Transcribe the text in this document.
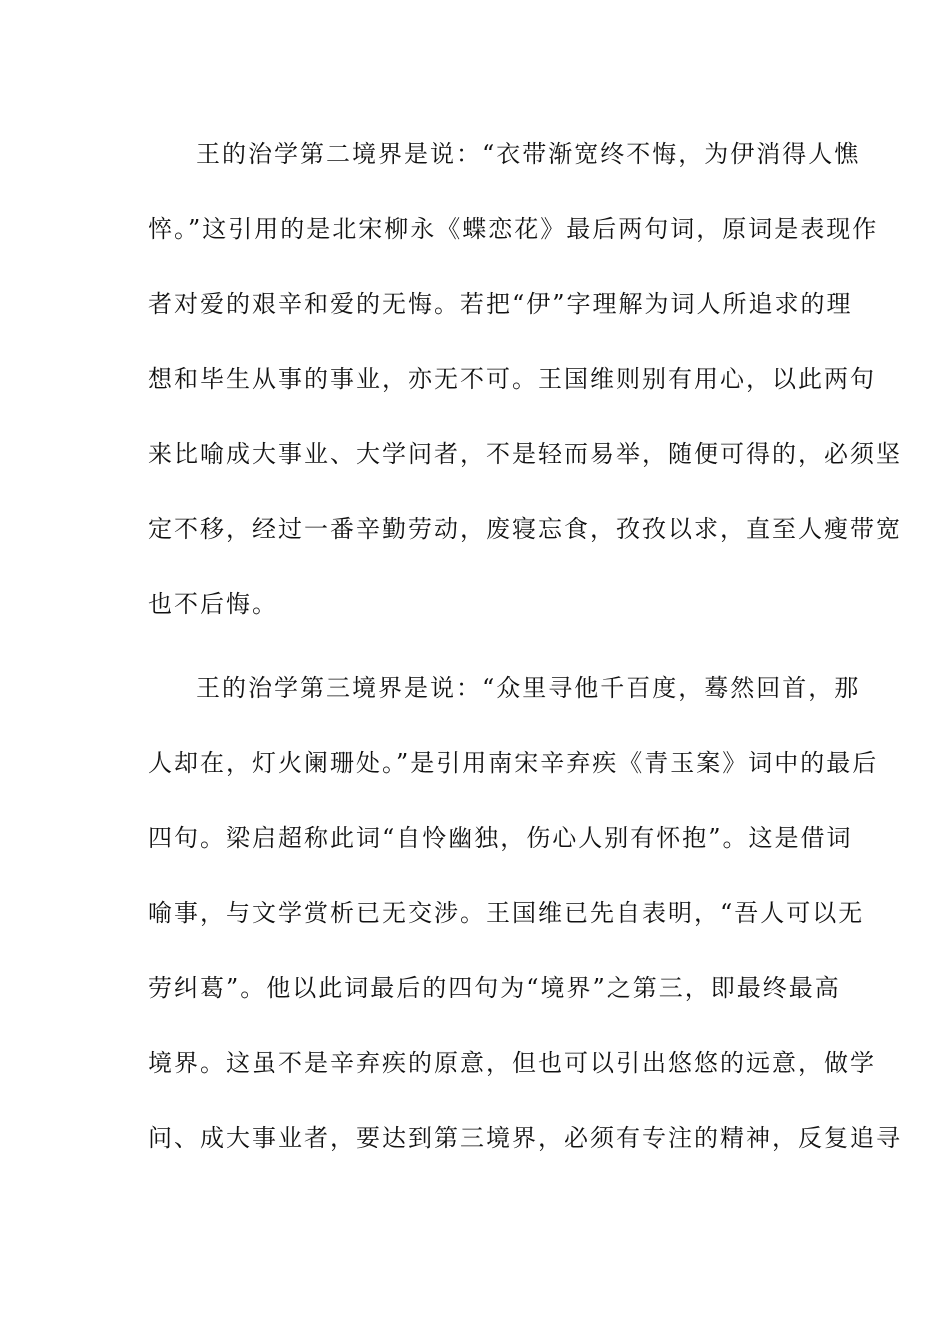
王的治学第二境界是说：“衣带渐宽终不悔，为伊消得人憔
悴。”这引用的是北宋柳永《蝶恋花》最后两句词，原词是表现作
者对爱的艰辛和爱的无悔。若把“伊”字理解为词人所追求的理
想和毕生从事的事业，亦无不可。王国维则别有用心，以此两句
来比喻成大事业、大学问者，不是轻而易举，随便可得的，必须坚
定不移，经过一番辛勤劳动，废寝忘食，孜孜以求，直至人瘦带宽
也不后悔。
王的治学第三境界是说：“众里寻他千百度，蓦然回首，那
人却在，灯火阑珊处。”是引用南宋辛弃疾《青玉案》词中的最后
四句。梁启超称此词“自怜幽独，伤心人别有怀抱”。这是借词
喻事，与文学赏析已无交涉。王国维已先自表明，“吾人可以无
劳纠葛”。他以此词最后的四句为“境界”之第三，即最终最高
境界。这虽不是辛弃疾的原意，但也可以引出悠悠的远意，做学
问、成大事业者，要达到第三境界，必须有专注的精神，反复追寻
